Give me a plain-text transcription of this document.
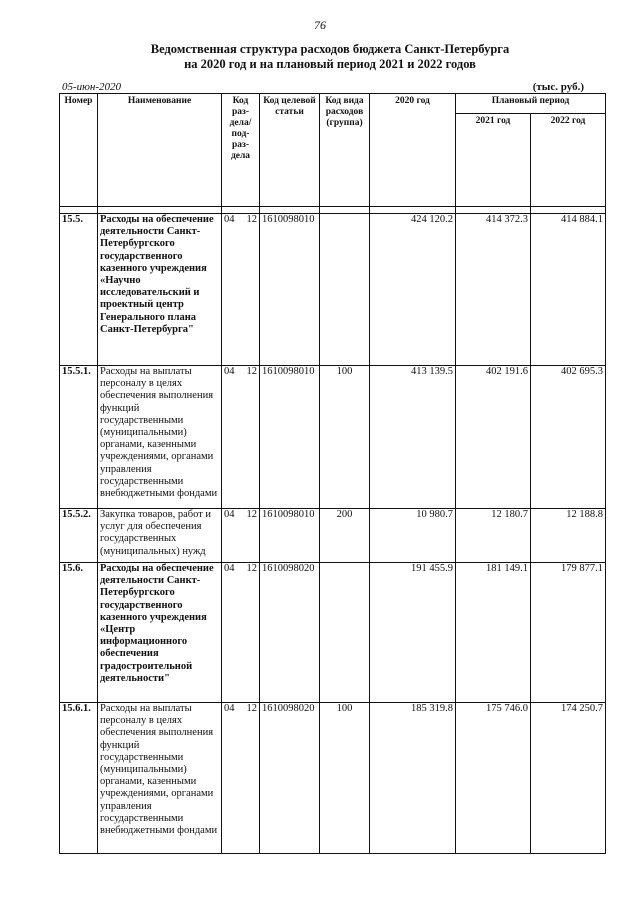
76
Ведомственная структура расходов бюджета Санкт-Петербурга
на 2020 год и на плановый период 2021 и 2022 годов
05-июн-2020	(тыс. руб.)
Номер	Наименование	Код раз- дела/ под- раз- дела	Код целевой статьи	Код вида расходов (группа)	2020 год	Плановый период	
						2021 год	2022 год

15.5.	Расходы на обеспечение деятельности Санкт-Петербургского государственного казенного учреждения «Научно исследовательский и проектный центр Генерального плана Санкт-Петербурга"	04 12	1610098010		424 120.2	414 372.3	414 884.1
15.5.1.	Расходы на выплаты персоналу в целях обеспечения выполнения функций государственными (муниципальными) органами, казенными учреждениями, органами управления государственными внебюджетными фондами	04 12	1610098010	100	413 139.5	402 191.6	402 695.3
15.5.2.	Закупка товаров, работ и услуг для обеспечения государственных (муниципальных) нужд	04 12	1610098010	200	10 980.7	12 180.7	12 188.8
15.6.	Расходы на обеспечение деятельности Санкт-Петербургского государственного казенного учреждения «Центр информационного обеспечения градостроительной деятельности"	04 12	1610098020		191 455.9	181 149.1	179 877.1
15.6.1.	Расходы на выплаты персоналу в целях обеспечения выполнения функций государственными (муниципальными) органами, казенными учреждениями, органами управления государственными внебюджетными фондами	04 12	1610098020	100	185 319.8	175 746.0	174 250.7
